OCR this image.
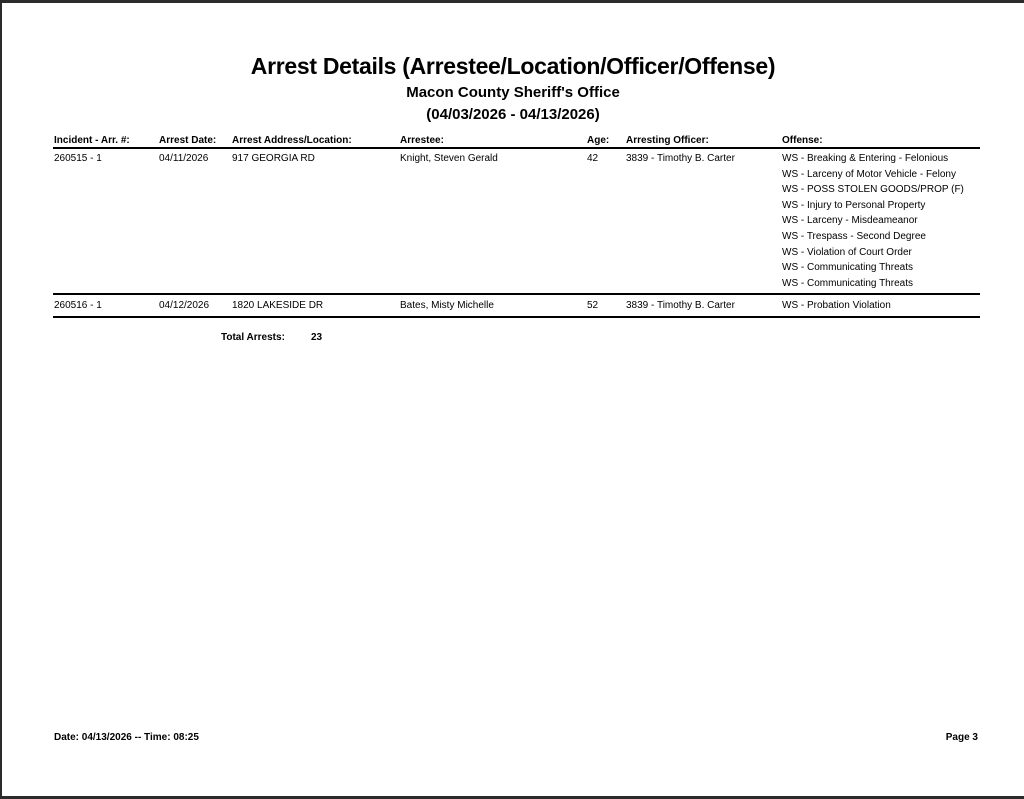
Arrest Details (Arrestee/Location/Officer/Offense)
Macon County Sheriff's Office
(04/03/2026 - 04/13/2026)
Incident - Arr. #:	Arrest Date: Arrest Address/Location:	Arrestee:	Age: Arresting Officer:	Offense:
260515 - 1	04/11/2026 917 GEORGIA RD	Knight, Steven Gerald	42	3839 - Timothy B. Carter	WS - Breaking & Entering - Felonious
WS - Larceny of Motor Vehicle - Felony
WS - POSS STOLEN GOODS/PROP (F)
WS - Injury to Personal Property
WS - Larceny - Misdeameanor
WS - Trespass - Second Degree
WS - Violation of Court Order
WS - Communicating Threats
WS - Communicating Threats
260516 - 1	04/12/2026 1820 LAKESIDE DR	Bates, Misty Michelle	52	3839 - Timothy B. Carter	WS - Probation Violation
Total Arrests:	23
Date: 04/13/2026 -- Time: 08:25	Page 3
